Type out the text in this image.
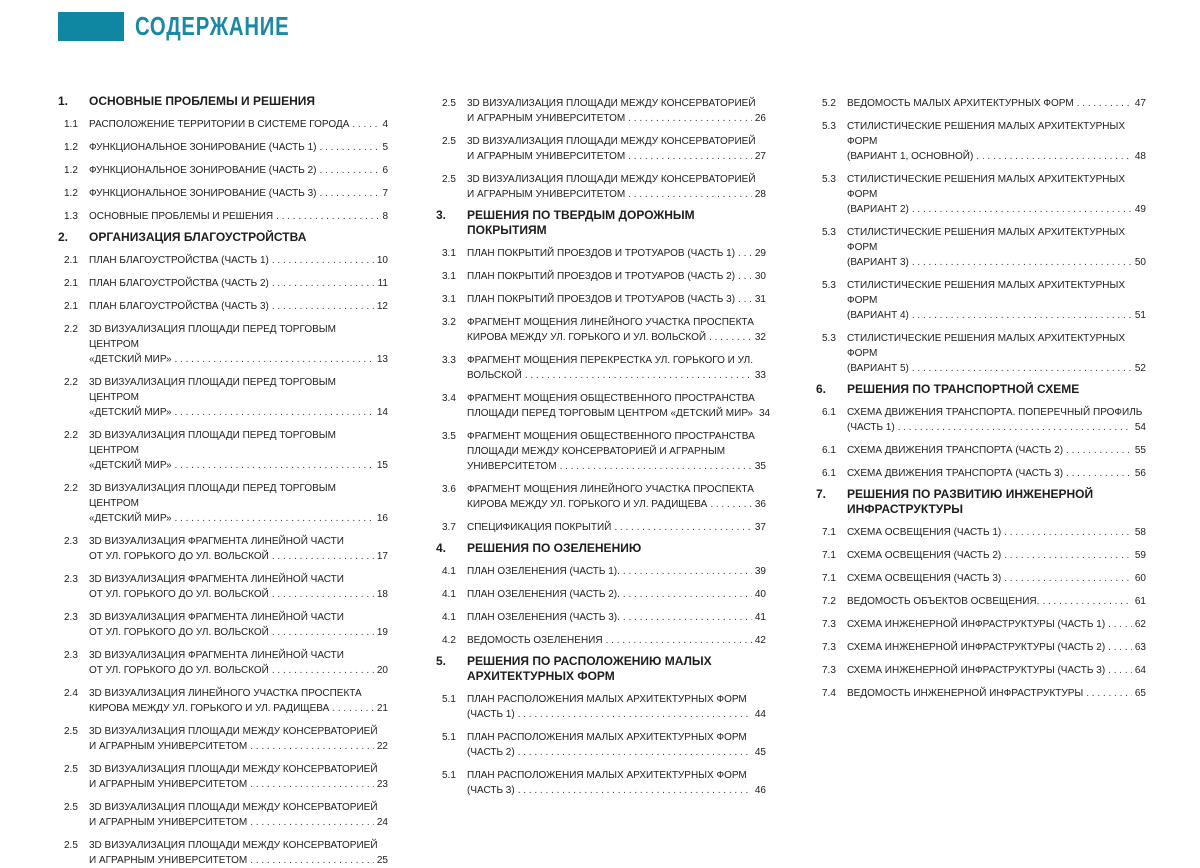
СОДЕРЖАНИЕ
1.	ОСНОВНЫЕ ПРОБЛЕМЫ И РЕШЕНИЯ
1.1 РАСПОЛОЖЕНИЕ ТЕРРИТОРИИ В СИСТЕМЕ ГОРОДА . . .	4
1.2 ФУНКЦИОНАЛЬНОЕ ЗОНИРОВАНИЕ (ЧАСТЬ 1) . . .	5
1.2 ФУНКЦИОНАЛЬНОЕ ЗОНИРОВАНИЕ (ЧАСТЬ 2) . . .	6
1.2 ФУНКЦИОНАЛЬНОЕ ЗОНИРОВАНИЕ (ЧАСТЬ 3) . . .	7
1.3 ОСНОВНЫЕ ПРОБЛЕМЫ И РЕШЕНИЯ . . .	8
2.	ОРГАНИЗАЦИЯ БЛАГОУСТРОЙСТВА
2.1 ПЛАН БЛАГОУСТРОЙСТВА (ЧАСТЬ 1) . . .	10
2.1 ПЛАН БЛАГОУСТРОЙСТВА (ЧАСТЬ 2) . . .	11
2.1 ПЛАН БЛАГОУСТРОЙСТВА (ЧАСТЬ 3) . . .	12
2.2 3D ВИЗУАЛИЗАЦИЯ ПЛОЩАДИ ПЕРЕД ТОРГОВЫМ ЦЕНТРОМ
«ДЕТСКИЙ МИР» . . .	13
2.2 3D ВИЗУАЛИЗАЦИЯ ПЛОЩАДИ ПЕРЕД ТОРГОВЫМ ЦЕНТРОМ
«ДЕТСКИЙ МИР» . . .	14
2.2 3D ВИЗУАЛИЗАЦИЯ ПЛОЩАДИ ПЕРЕД ТОРГОВЫМ ЦЕНТРОМ
«ДЕТСКИЙ МИР» . . .	15
2.2 3D ВИЗУАЛИЗАЦИЯ ПЛОЩАДИ ПЕРЕД ТОРГОВЫМ ЦЕНТРОМ
«ДЕТСКИЙ МИР» . . .	16
2.3 3D ВИЗУАЛИЗАЦИЯ ФРАГМЕНТА ЛИНЕЙНОЙ ЧАСТИ
ОТ УЛ. ГОРЬКОГО ДО УЛ. ВОЛЬСКОЙ . . .	17
2.3 3D ВИЗУАЛИЗАЦИЯ ФРАГМЕНТА ЛИНЕЙНОЙ ЧАСТИ
ОТ УЛ. ГОРЬКОГО ДО УЛ. ВОЛЬСКОЙ . . .	18
2.3 3D ВИЗУАЛИЗАЦИЯ ФРАГМЕНТА ЛИНЕЙНОЙ ЧАСТИ
ОТ УЛ. ГОРЬКОГО ДО УЛ. ВОЛЬСКОЙ . . .	19
2.3 3D ВИЗУАЛИЗАЦИЯ ФРАГМЕНТА ЛИНЕЙНОЙ ЧАСТИ
ОТ УЛ. ГОРЬКОГО ДО УЛ. ВОЛЬСКОЙ . . .	20
2.4 3D ВИЗУАЛИЗАЦИЯ ЛИНЕЙНОГО УЧАСТКА ПРОСПЕКТА
КИРОВА МЕЖДУ УЛ. ГОРЬКОГО И УЛ. РАДИЩЕВА . . .	21
2.5 3D ВИЗУАЛИЗАЦИЯ ПЛОЩАДИ МЕЖДУ КОНСЕРВАТОРИЕЙ
И АГРАРНЫМ УНИВЕРСИТЕТОМ . . .	22
2.5 3D ВИЗУАЛИЗАЦИЯ ПЛОЩАДИ МЕЖДУ КОНСЕРВАТОРИЕЙ
И АГРАРНЫМ УНИВЕРСИТЕТОМ . . .	23
2.5 3D ВИЗУАЛИЗАЦИЯ ПЛОЩАДИ МЕЖДУ КОНСЕРВАТОРИЕЙ
И АГРАРНЫМ УНИВЕРСИТЕТОМ . . .	24
2.5 3D ВИЗУАЛИЗАЦИЯ ПЛОЩАДИ МЕЖДУ КОНСЕРВАТОРИЕЙ
И АГРАРНЫМ УНИВЕРСИТЕТОМ . . .	25
2.5 3D ВИЗУАЛИЗАЦИЯ ПЛОЩАДИ МЕЖДУ КОНСЕРВАТОРИЕЙ
И АГРАРНЫМ УНИВЕРСИТЕТОМ . . .	26
2.5 3D ВИЗУАЛИЗАЦИЯ ПЛОЩАДИ МЕЖДУ КОНСЕРВАТОРИЕЙ
И АГРАРНЫМ УНИВЕРСИТЕТОМ . . .	27
2.5 3D ВИЗУАЛИЗАЦИЯ ПЛОЩАДИ МЕЖДУ КОНСЕРВАТОРИЕЙ
И АГРАРНЫМ УНИВЕРСИТЕТОМ . . .	28
3.	РЕШЕНИЯ ПО ТВЕРДЫМ ДОРОЖНЫМ ПОКРЫТИЯМ
3.1 ПЛАН ПОКРЫТИЙ ПРОЕЗДОВ И ТРОТУАРОВ (ЧАСТЬ 1) . . . 29
3.1 ПЛАН ПОКРЫТИЙ ПРОЕЗДОВ И ТРОТУАРОВ (ЧАСТЬ 2) . . . 30
3.1 ПЛАН ПОКРЫТИЙ ПРОЕЗДОВ И ТРОТУАРОВ (ЧАСТЬ 3) . . . 31
3.2 ФРАГМЕНТ МОЩЕНИЯ ЛИНЕЙНОГО УЧАСТКА ПРОСПЕКТА
КИРОВА МЕЖДУ УЛ. ГОРЬКОГО И УЛ. ВОЛЬСКОЙ . . .	32
3.3 ФРАГМЕНТ МОЩЕНИЯ ПЕРЕКРЕСТКА УЛ. ГОРЬКОГО И УЛ.
ВОЛЬСКОЙ . . .	33
3.4 ФРАГМЕНТ МОЩЕНИЯ ОБЩЕСТВЕННОГО ПРОСТРАНСТВА
ПЛОЩАДИ ПЕРЕД ТОРГОВЫМ ЦЕНТРОМ «ДЕТСКИЙ МИР» 34
3.5 ФРАГМЕНТ МОЩЕНИЯ ОБЩЕСТВЕННОГО ПРОСТРАНСТВА
ПЛОЩАДИ МЕЖДУ КОНСЕРВАТОРИЕЙ И АГРАРНЫМ
УНИВЕРСИТЕТОМ . . .	35
3.6 ФРАГМЕНТ МОЩЕНИЯ ЛИНЕЙНОГО УЧАСТКА ПРОСПЕКТА
КИРОВА МЕЖДУ УЛ. ГОРЬКОГО И УЛ. РАДИЩЕВА . . .	36
3.7 СПЕЦИФИКАЦИЯ ПОКРЫТИЙ . . .	37
4.	РЕШЕНИЯ ПО ОЗЕЛЕНЕНИЮ
4.1 ПЛАН ОЗЕЛЕНЕНИЯ (ЧАСТЬ 1). . . .	39
4.1 ПЛАН ОЗЕЛЕНЕНИЯ (ЧАСТЬ 2). . . .	40
4.1 ПЛАН ОЗЕЛЕНЕНИЯ (ЧАСТЬ 3). . . .	41
4.2 ВЕДОМОСТЬ ОЗЕЛЕНЕНИЯ . . .	42
5.	РЕШЕНИЯ ПО РАСПОЛОЖЕНИЮ МАЛЫХ АРХИТЕКТУРНЫХ ФОРМ
5.1 ПЛАН РАСПОЛОЖЕНИЯ МАЛЫХ АРХИТЕКТУРНЫХ ФОРМ
(ЧАСТЬ 1) . . .	44
5.1 ПЛАН РАСПОЛОЖЕНИЯ МАЛЫХ АРХИТЕКТУРНЫХ ФОРМ
(ЧАСТЬ 2) . . .	45
5.1 ПЛАН РАСПОЛОЖЕНИЯ МАЛЫХ АРХИТЕКТУРНЫХ ФОРМ
(ЧАСТЬ 3) . . .	46
5.2 ВЕДОМОСТЬ МАЛЫХ АРХИТЕКТУРНЫХ ФОРМ . . .	47
5.3 СТИЛИСТИЧЕСКИЕ РЕШЕНИЯ МАЛЫХ АРХИТЕКТУРНЫХ ФОРМ
(ВАРИАНТ 1, ОСНОВНОЙ) . . .	48
5.3 СТИЛИСТИЧЕСКИЕ РЕШЕНИЯ МАЛЫХ АРХИТЕКТУРНЫХ ФОРМ
(ВАРИАНТ 2) . . .	49
5.3 СТИЛИСТИЧЕСКИЕ РЕШЕНИЯ МАЛЫХ АРХИТЕКТУРНЫХ ФОРМ
(ВАРИАНТ 3) . . .	50
5.3 СТИЛИСТИЧЕСКИЕ РЕШЕНИЯ МАЛЫХ АРХИТЕКТУРНЫХ ФОРМ
(ВАРИАНТ 4) . . .	51
5.3 СТИЛИСТИЧЕСКИЕ РЕШЕНИЯ МАЛЫХ АРХИТЕКТУРНЫХ ФОРМ
(ВАРИАНТ 5) . . .	52
6.	РЕШЕНИЯ ПО ТРАНСПОРТНОЙ СХЕМЕ
6.1 СХЕМА ДВИЖЕНИЯ ТРАНСПОРТА. ПОПЕРЕЧНЫЙ ПРОФИЛЬ
(ЧАСТЬ 1) . . .	54
6.1 СХЕМА ДВИЖЕНИЯ ТРАНСПОРТА (ЧАСТЬ 2) . . .	55
6.1 СХЕМА ДВИЖЕНИЯ ТРАНСПОРТА (ЧАСТЬ 3) . . .	56
7.	РЕШЕНИЯ ПО РАЗВИТИЮ ИНЖЕНЕРНОЙ ИНФРАСТРУКТУРЫ
7.1 СХЕМА ОСВЕЩЕНИЯ (ЧАСТЬ 1) . . .	58
7.1 СХЕМА ОСВЕЩЕНИЯ (ЧАСТЬ 2) . . .	59
7.1 СХЕМА ОСВЕЩЕНИЯ (ЧАСТЬ 3) . . .	60
7.2 ВЕДОМОСТЬ ОБЪЕКТОВ ОСВЕЩЕНИЯ. . . .	61
7.3 СХЕМА ИНЖЕНЕРНОЙ ИНФРАСТРУКТУРЫ (ЧАСТЬ 1) . . .	62
7.3 СХЕМА ИНЖЕНЕРНОЙ ИНФРАСТРУКТУРЫ (ЧАСТЬ 2) . . .	63
7.3 СХЕМА ИНЖЕНЕРНОЙ ИНФРАСТРУКТУРЫ (ЧАСТЬ 3) . . .	64
7.4 ВЕДОМОСТЬ ИНЖЕНЕРНОЙ ИНФРАСТРУКТУРЫ . . .	65
